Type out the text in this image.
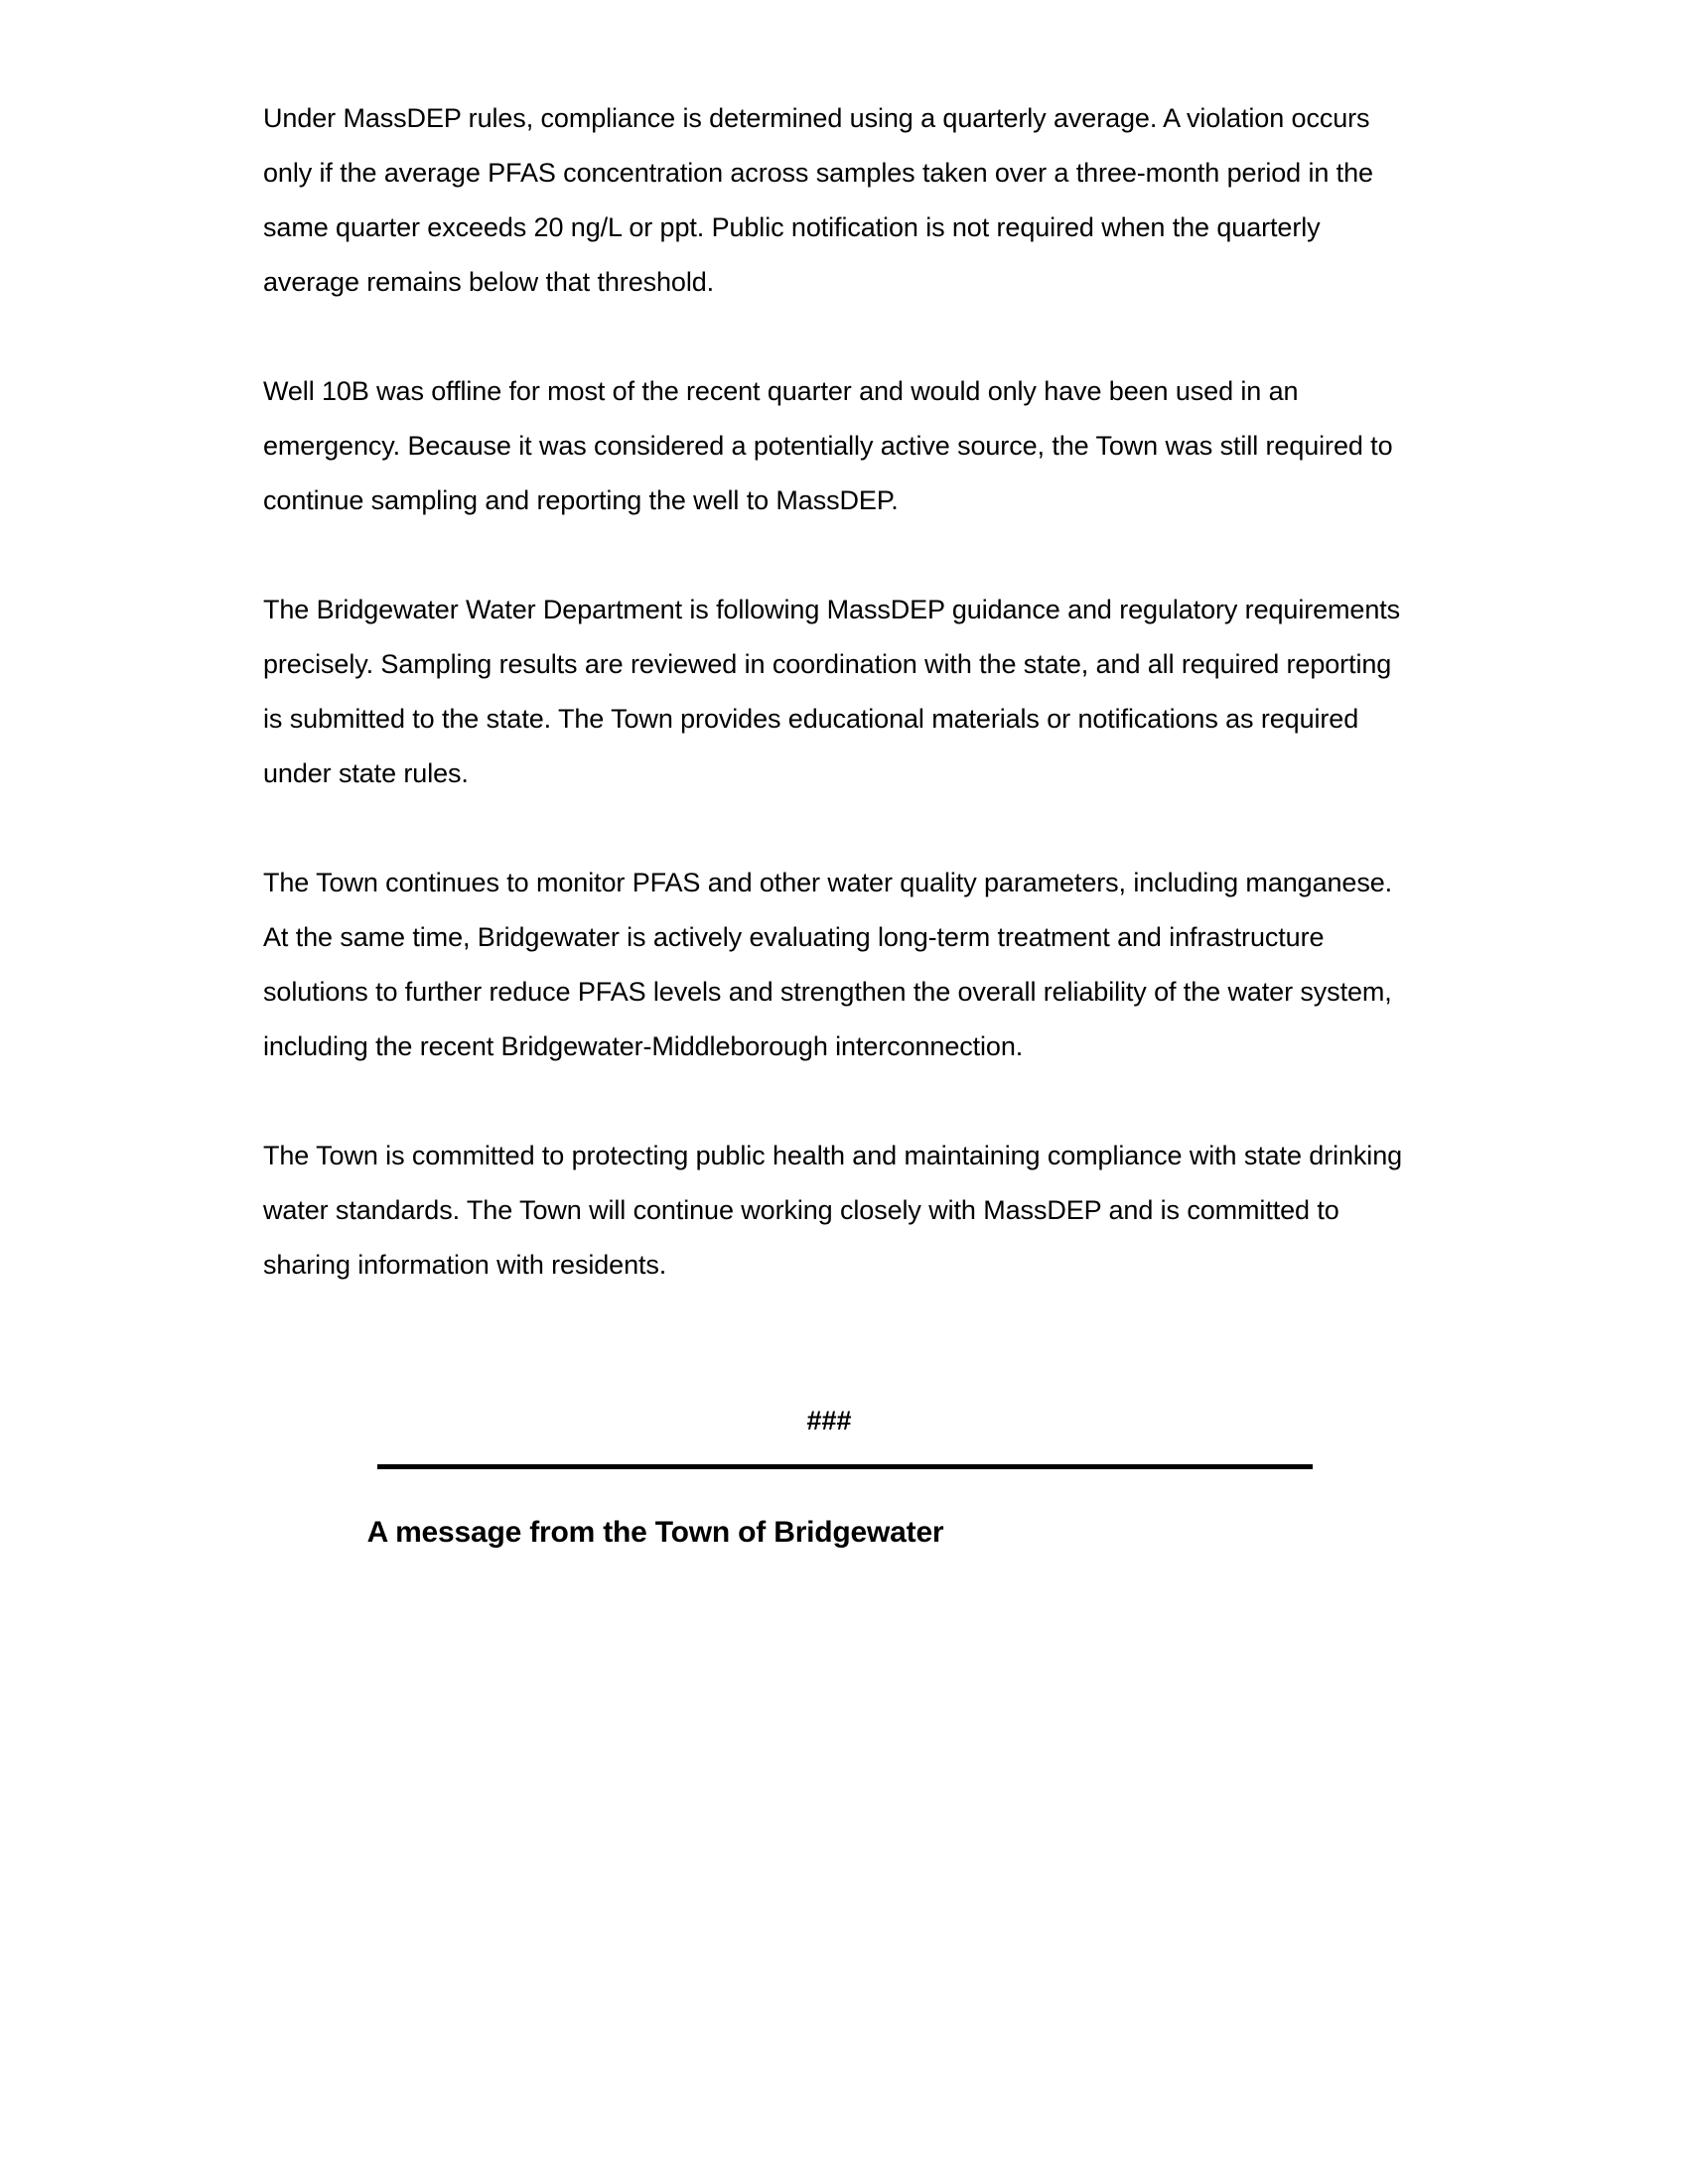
Under MassDEP rules, compliance is determined using a quarterly average. A violation occurs only if the average PFAS concentration across samples taken over a three-month period in the same quarter exceeds 20 ng/L or ppt. Public notification is not required when the quarterly average remains below that threshold.

Well 10B was offline for most of the recent quarter and would only have been used in an emergency. Because it was considered a potentially active source, the Town was still required to continue sampling and reporting the well to MassDEP.

The Bridgewater Water Department is following MassDEP guidance and regulatory requirements precisely. Sampling results are reviewed in coordination with the state, and all required reporting is submitted to the state. The Town provides educational materials or notifications as required under state rules.

The Town continues to monitor PFAS and other water quality parameters, including manganese. At the same time, Bridgewater is actively evaluating long-term treatment and infrastructure solutions to further reduce PFAS levels and strengthen the overall reliability of the water system, including the recent Bridgewater-Middleborough interconnection.

The Town is committed to protecting public health and maintaining compliance with state drinking water standards. The Town will continue working closely with MassDEP and is committed to sharing information with residents.

###
A message from the Town of Bridgewater
